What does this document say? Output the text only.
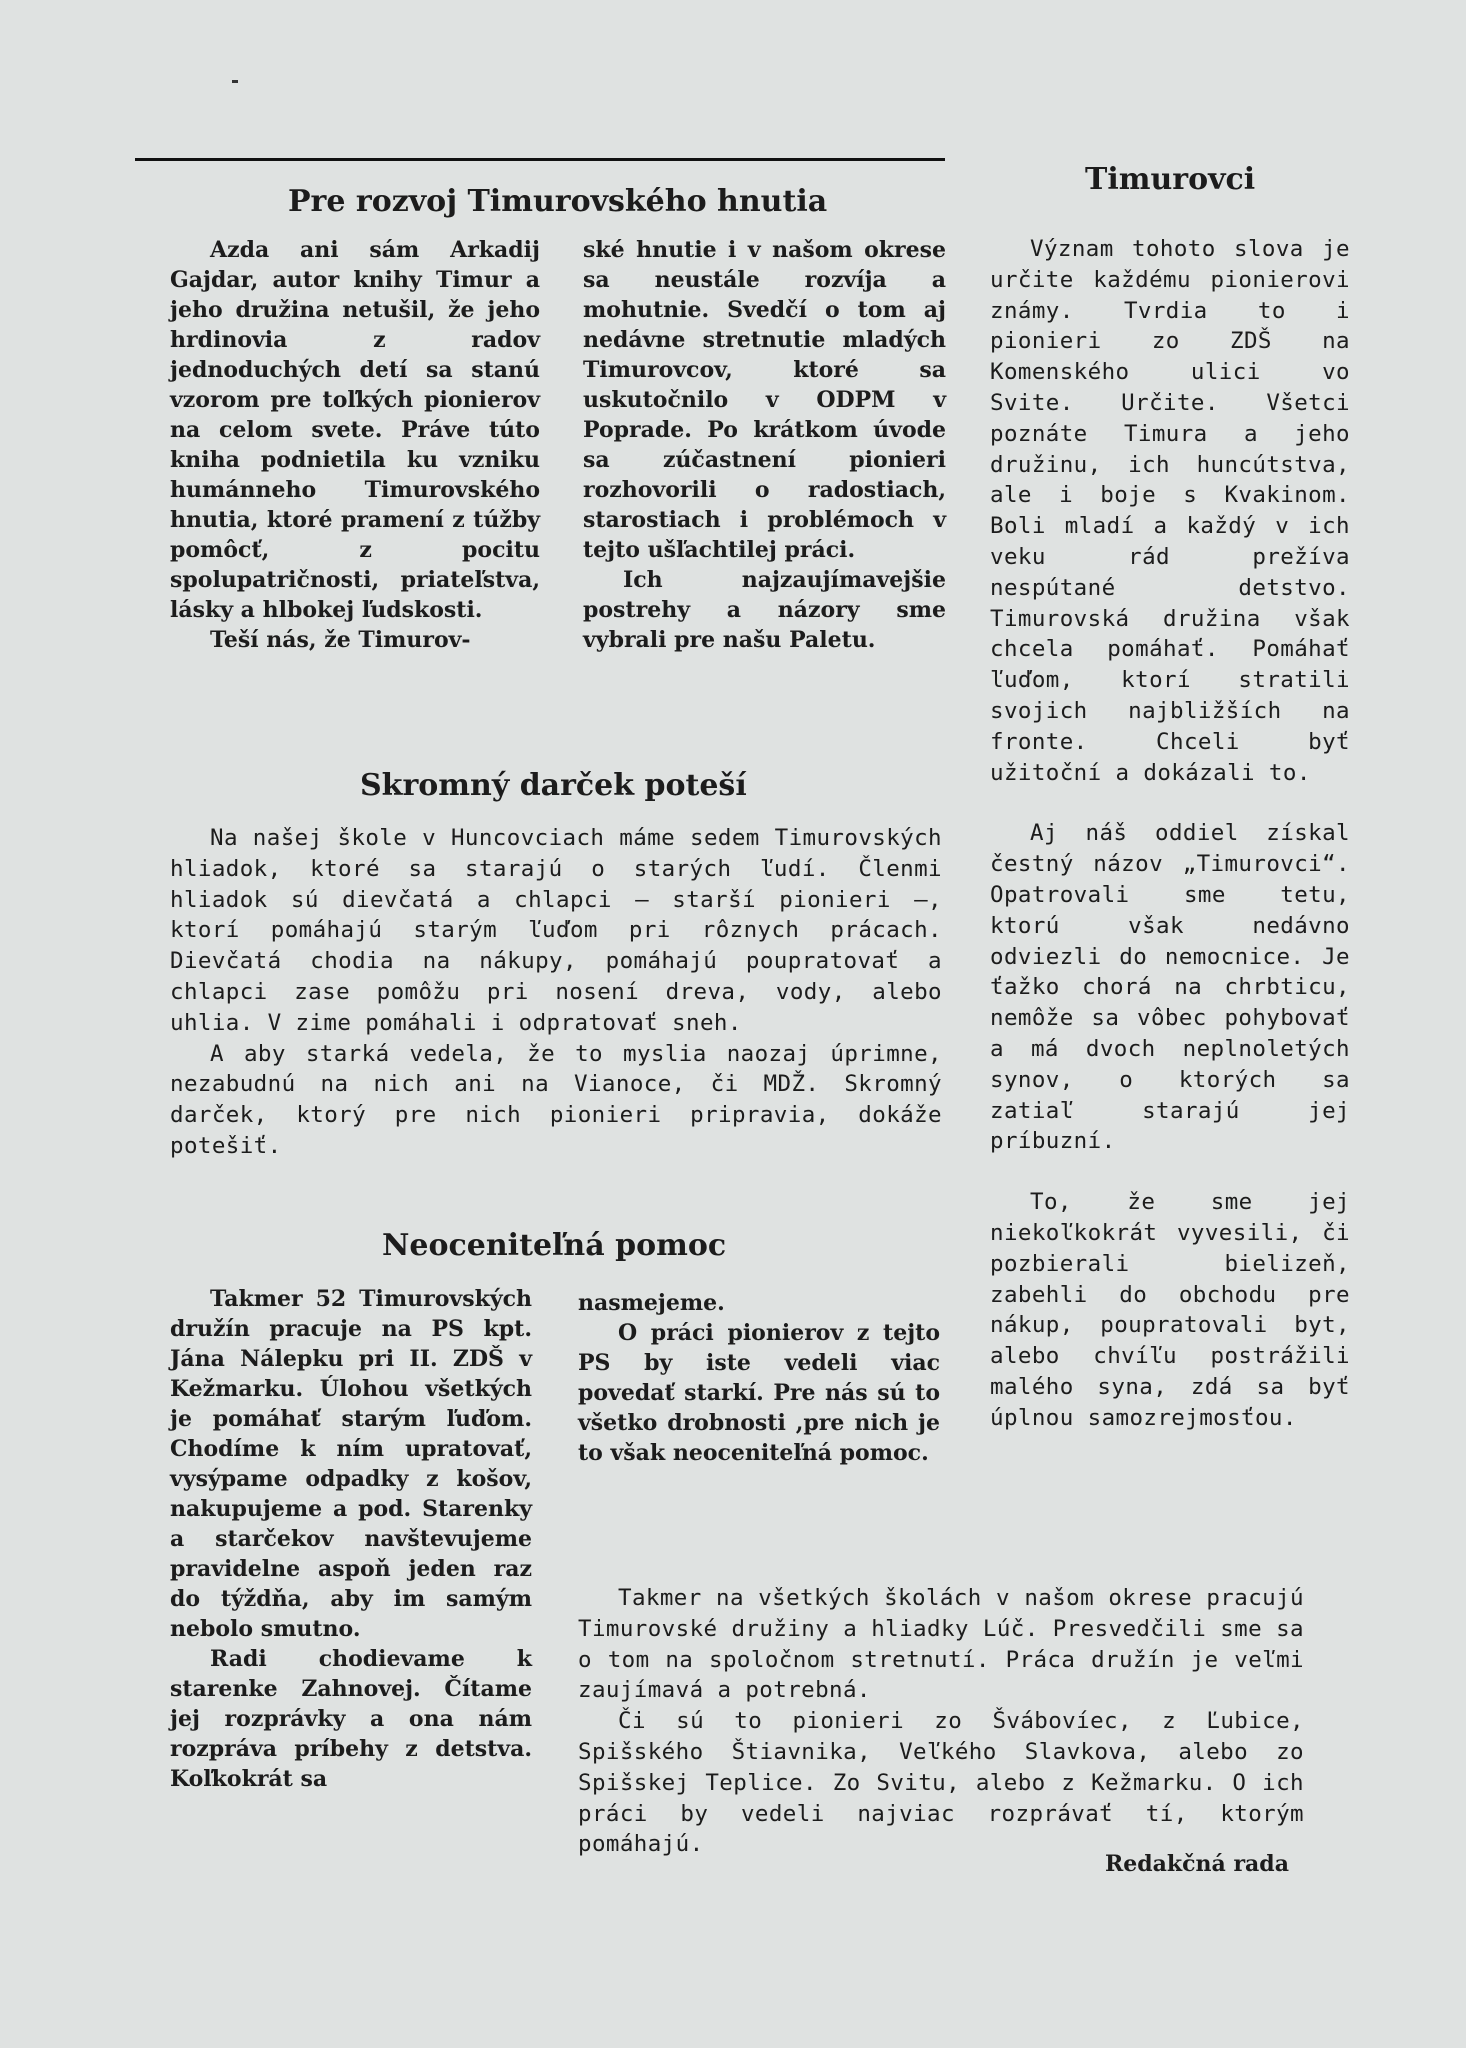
Timurovci
Pre rozvoj Timurovského hnutia

Azda ani sám Arkadij Gajdar, autor knihy Timur a jeho družina netušil, že jeho hrdinovia z radov jednoduchých detí sa stanú vzorom pre toľkých pionierov na celom svete. Práve túto kniha podnietila ku vzniku humánneho Timurovského hnutia, ktoré pramení z túžby pomôcť, z pocitu spolupatričnosti, priateľstva, lásky a hlbokej ľudskosti.

Teší nás, že Timurov-

ské hnutie i v našom okrese sa neustále rozvíja a mohutnie. Svedčí o tom aj nedávne stretnutie mladých Timurovcov, ktoré sa uskutočnilo v ODPM v Poprade. Po krátkom úvode sa zúčastnení pionieri rozhovorili o radostiach, starostiach i problémoch v tejto ušľachtilej práci.

Ich najzaujímavejšie postrehy a názory sme vybrali pre našu Paletu.

Skromný darček poteší

Na našej škole v Huncovciach máme sedem Timurovských hliadok, ktoré sa starajú o starých ľudí. Členmi hliadok sú dievčatá a chlapci — starší pionieri —, ktorí pomáhajú starým ľuďom pri rôznych prácach. Dievčatá chodia na nákupy, pomáhajú poupratovať a chlapci zase pomôžu pri nosení dreva, vody, alebo uhlia. V zime pomáhali i odpratovať sneh.

A aby starká vedela, že to myslia naozaj úprimne, nezabudnú na nich ani na Vianoce, či MDŽ. Skromný darček, ktorý pre nich pionieri pripravia, dokáže potešiť.

Neoceniteľná pomoc

Takmer 52 Timurovských družín pracuje na PS kpt. Jána Nálepku pri II. ZDŠ v Kežmarku. Úlohou všetkých je pomáhať starým ľuďom. Chodíme k ním upratovať, vysýpame odpadky z košov, nakupujeme a pod. Starenky a starčekov navštevujeme pravidelne aspoň jeden raz do týždňa, aby im samým nebolo smutno.

Radi chodievame k starenke Zahnovej. Čítame jej rozprávky a ona nám rozpráva príbehy z detstva. Koľkokrát sa

nasmejeme.

O práci pionierov z tejto PS by iste vedeli viac povedať starkí. Pre nás sú to všetko drobnosti ,pre nich je to však neoceniteľná pomoc.

Význam tohoto slova je určite každému pionierovi známy. Tvrdia to i pionieri zo ZDŠ na Komenského ulici vo Svite. Určite. Všetci poznáte Timura a jeho družinu, ich huncútstva, ale i boje s Kvakinom. Boli mladí a každý v ich veku rád prežíva nespútané detstvo. Timurovská družina však chcela pomáhať. Pomáhať ľuďom, ktorí stratili svojich najbližších na fronte. Chceli byť užitoční a dokázali to.

Aj náš oddiel získal čestný názov „Timurovci“. Opatrovali sme tetu, ktorú však nedávno odviezli do nemocnice. Je ťažko chorá na chrbticu, nemôže sa vôbec pohybovať a má dvoch neplnoletých synov, o ktorých sa zatiaľ starajú jej príbuzní.

To, že sme jej niekoľkokrát vyvesili, či pozbierali bielizeň, zabehli do obchodu pre nákup, poupratovali byt, alebo chvíľu postrážili malého syna, zdá sa byť úplnou samozrejmosťou.

Takmer na všetkých školách v našom okrese pracujú Timurovské družiny a hliadky Lúč. Presvedčili sme sa o tom na spoločnom stretnutí. Práca družín je veľmi zaujímavá a potrebná.

Či sú to pionieri zo Švábovíec, z Ľubice, Spišského Štiavnika, Veľkého Slavkova, alebo zo Spišskej Teplice. Zo Svitu, alebo z Kežmarku. O ich práci by vedeli najviac rozprávať tí, ktorým pomáhajú.

Redakčná rada
